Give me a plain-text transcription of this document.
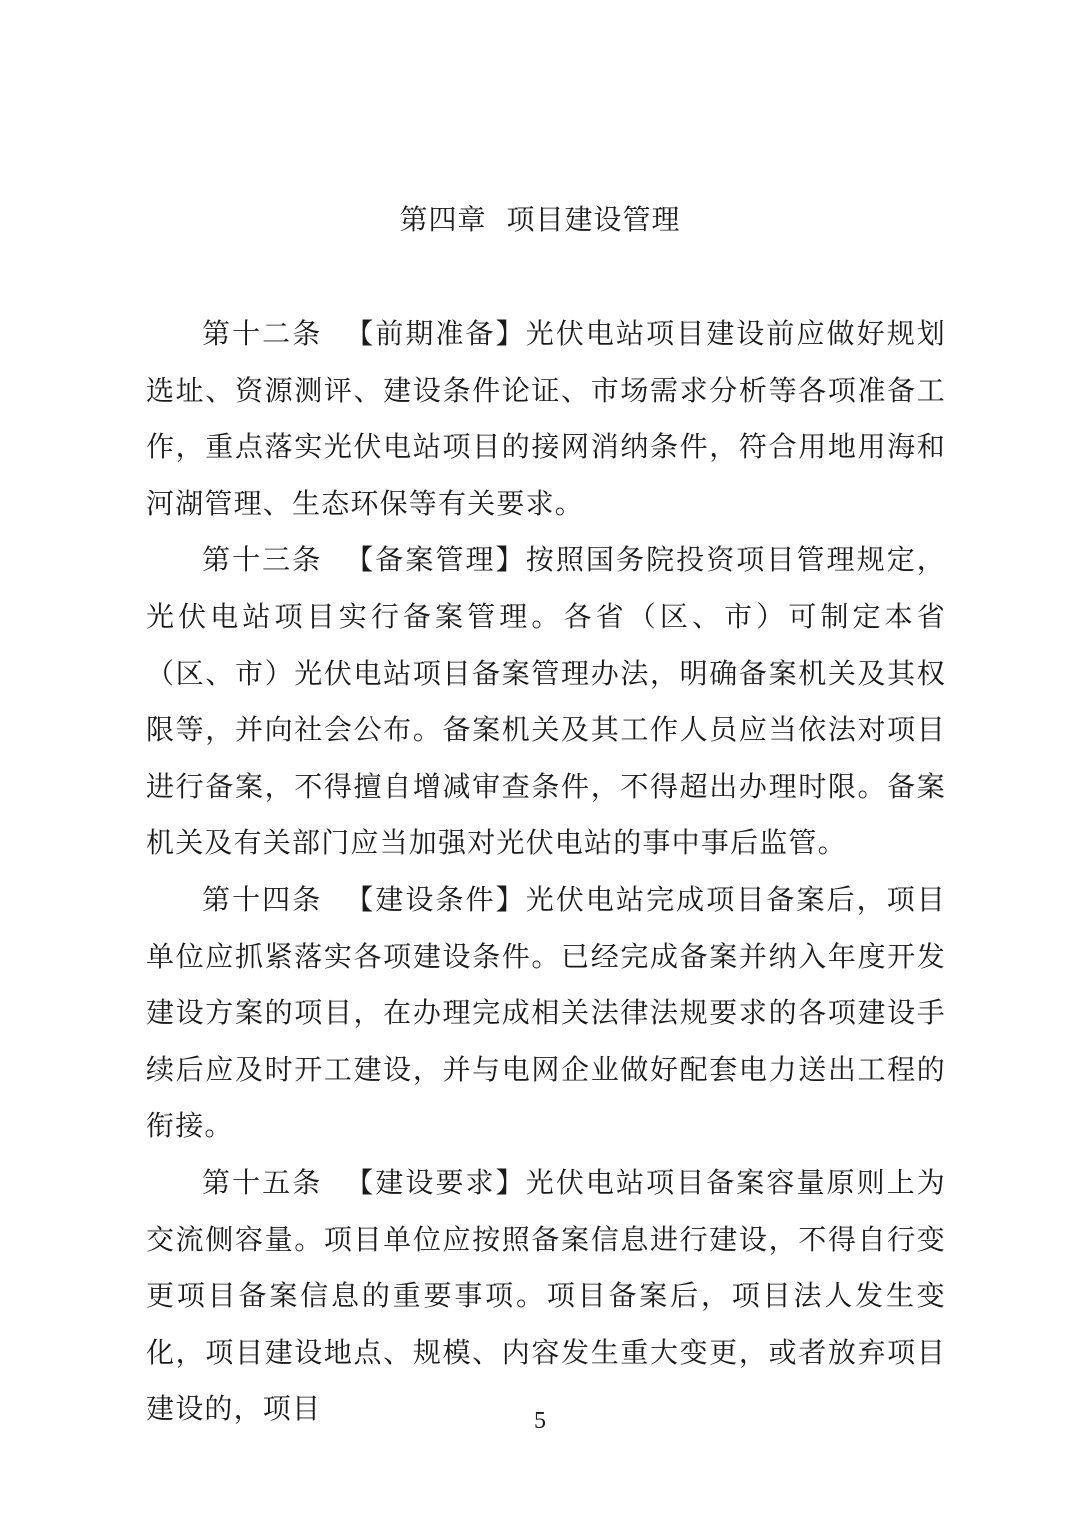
第四章 项目建设管理

第十二条 【前期准备】光伏电站项目建设前应做好规划选址、资源测评、建设条件论证、市场需求分析等各项准备工作，重点落实光伏电站项目的接网消纳条件，符合用地用海和河湖管理、生态环保等有关要求。

第十三条 【备案管理】按照国务院投资项目管理规定，光伏电站项目实行备案管理。各省（区、市）可制定本省（区、市）光伏电站项目备案管理办法，明确备案机关及其权限等，并向社会公布。备案机关及其工作人员应当依法对项目进行备案，不得擅自增减审查条件，不得超出办理时限。备案机关及有关部门应当加强对光伏电站的事中事后监管。

第十四条 【建设条件】光伏电站完成项目备案后，项目单位应抓紧落实各项建设条件。已经完成备案并纳入年度开发建设方案的项目，在办理完成相关法律法规要求的各项建设手续后应及时开工建设，并与电网企业做好配套电力送出工程的衔接。

第十五条 【建设要求】光伏电站项目备案容量原则上为交流侧容量。项目单位应按照备案信息进行建设，不得自行变更项目备案信息的重要事项。项目备案后，项目法人发生变化，项目建设地点、规模、内容发生重大变更，或者放弃项目建设的，项目	5
